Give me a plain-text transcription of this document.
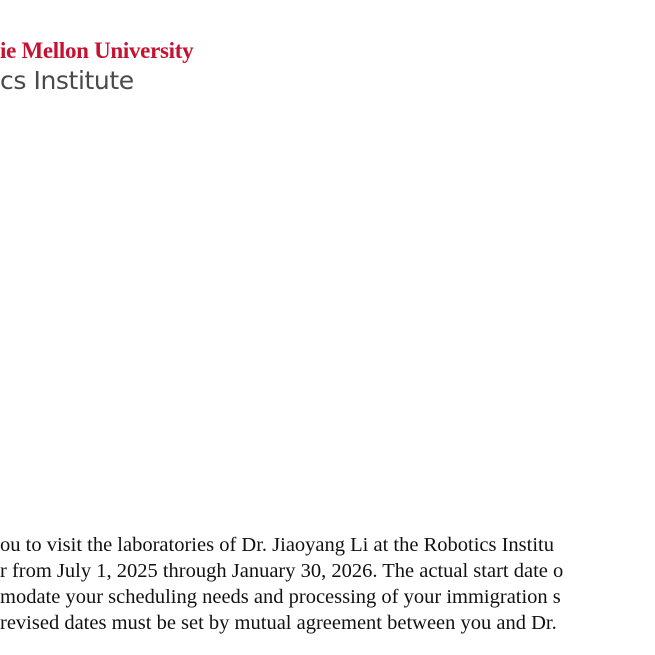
ie Mellon University
cs Institute
ou to visit the laboratories of Dr. Jiaoyang Li at the Robotics Institu
r from July 1, 2025 through January 30, 2026. The actual start date o
modate your scheduling needs and processing of your immigration s
revised dates must be set by mutual agreement between you and Dr.
